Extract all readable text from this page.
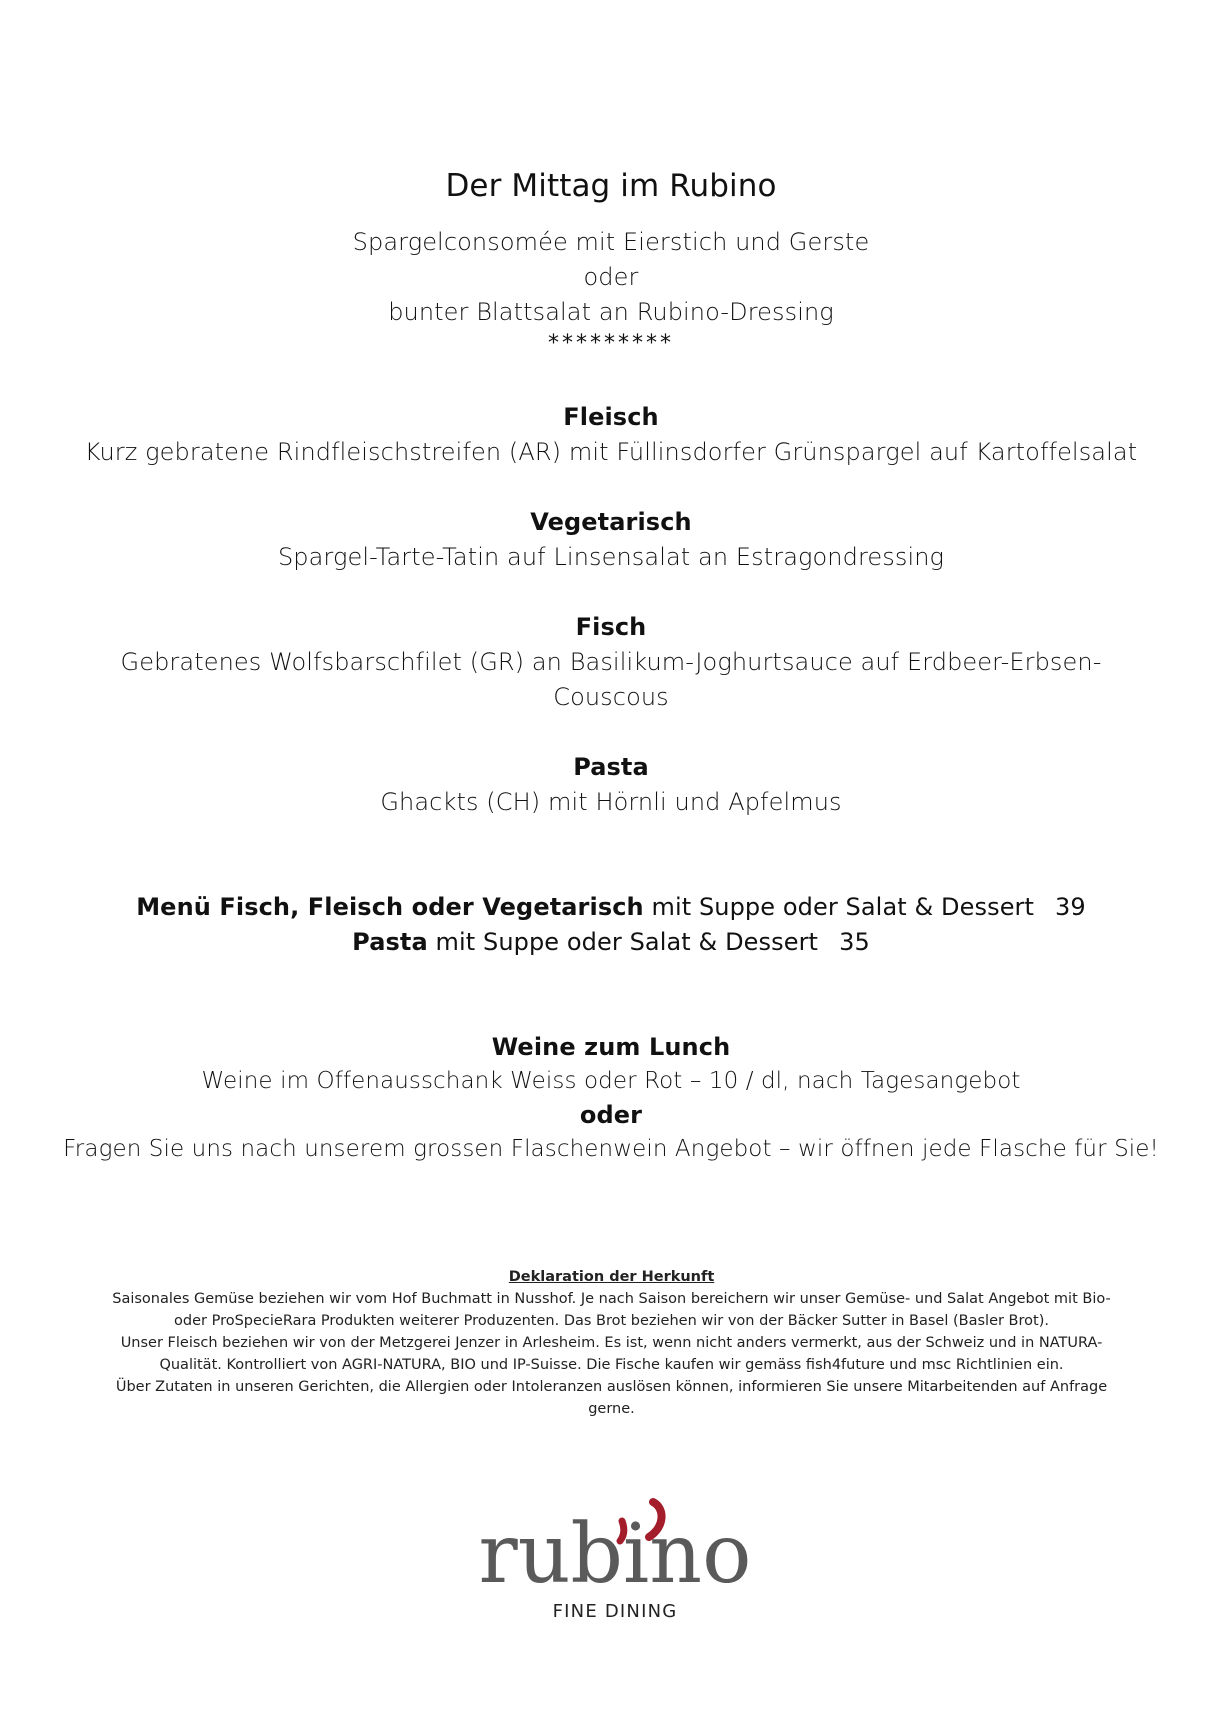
Der Mittag im Rubino
Spargelconsomée mit Eierstich und Gerste
oder
bunter Blattsalat an Rubino-Dressing
*********
Fleisch
Kurz gebratene Rindfleischstreifen (AR) mit Füllinsdorfer Grünspargel auf Kartoffelsalat
Vegetarisch
Spargel-Tarte-Tatin auf Linsensalat an Estragondressing
Fisch
Gebratenes Wolfsbarschfilet (GR) an Basilikum-Joghurtsauce auf Erdbeer-Erbsen-
Couscous
Pasta
Ghackts (CH) mit Hörnli und Apfelmus
Menü Fisch, Fleisch oder Vegetarisch mit Suppe oder Salat & Dessert 39
Pasta mit Suppe oder Salat & Dessert 35
Weine zum Lunch
Weine im Offenausschank Weiss oder Rot – 10 / dl, nach Tagesangebot
oder
Fragen Sie uns nach unserem grossen Flaschenwein Angebot – wir öffnen jede Flasche für Sie!
Deklaration der Herkunft
Saisonales Gemüse beziehen wir vom Hof Buchmatt in Nusshof. Je nach Saison bereichern wir unser Gemüse- und Salat Angebot mit Bio-
oder ProSpecieRara Produkten weiterer Produzenten. Das Brot beziehen wir von der Bäcker Sutter in Basel (Basler Brot).
Unser Fleisch beziehen wir von der Metzgerei Jenzer in Arlesheim. Es ist, wenn nicht anders vermerkt, aus der Schweiz und in NATURA-
Qualität. Kontrolliert von AGRI-NATURA, BIO und IP-Suisse. Die Fische kaufen wir gemäss fish4future und msc Richtlinien ein.
Über Zutaten in unseren Gerichten, die Allergien oder Intoleranzen auslösen können, informieren Sie unsere Mitarbeitenden auf Anfrage
gerne.
rubino
FINE DINING
